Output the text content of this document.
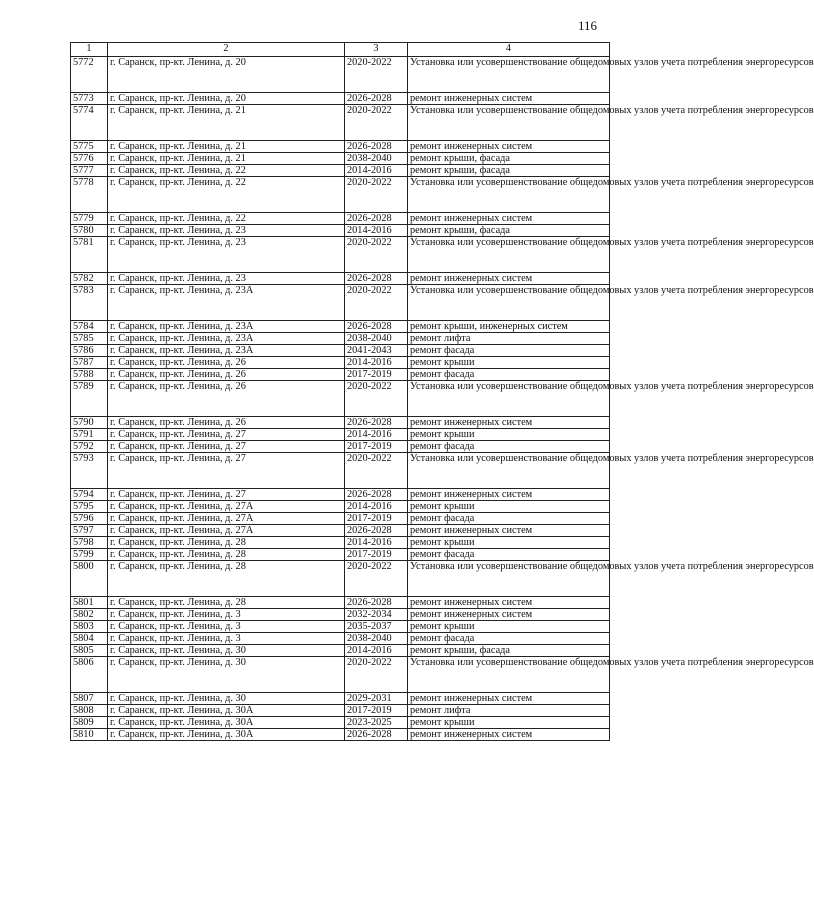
116
1	2	3	4
5772	г. Саранск, пр-кт. Ленина, д. 20	2020-2022	Установка или усовершенствование общедомовых узлов учета потребления энергоресурсов
5773	г. Саранск, пр-кт. Ленина, д. 20	2026-2028	ремонт инженерных систем
5774	г. Саранск, пр-кт. Ленина, д. 21	2020-2022	Установка или усовершенствование общедомовых узлов учета потребления энергоресурсов
5775	г. Саранск, пр-кт. Ленина, д. 21	2026-2028	ремонт инженерных систем
5776	г. Саранск, пр-кт. Ленина, д. 21	2038-2040	ремонт крыши, фасада
5777	г. Саранск, пр-кт. Ленина, д. 22	2014-2016	ремонт крыши, фасада
5778	г. Саранск, пр-кт. Ленина, д. 22	2020-2022	Установка или усовершенствование общедомовых узлов учета потребления энергоресурсов
5779	г. Саранск, пр-кт. Ленина, д. 22	2026-2028	ремонт инженерных систем
5780	г. Саранск, пр-кт. Ленина, д. 23	2014-2016	ремонт крыши, фасада
5781	г. Саранск, пр-кт. Ленина, д. 23	2020-2022	Установка или усовершенствование общедомовых узлов учета потребления энергоресурсов
5782	г. Саранск, пр-кт. Ленина, д. 23	2026-2028	ремонт инженерных систем
5783	г. Саранск, пр-кт. Ленина, д. 23А	2020-2022	Установка или усовершенствование общедомовых узлов учета потребления энергоресурсов
5784	г. Саранск, пр-кт. Ленина, д. 23А	2026-2028	ремонт крыши, инженерных систем
5785	г. Саранск, пр-кт. Ленина, д. 23А	2038-2040	ремонт лифта
5786	г. Саранск, пр-кт. Ленина, д. 23А	2041-2043	ремонт фасада
5787	г. Саранск, пр-кт. Ленина, д. 26	2014-2016	ремонт крыши
5788	г. Саранск, пр-кт. Ленина, д. 26	2017-2019	ремонт фасада
5789	г. Саранск, пр-кт. Ленина, д. 26	2020-2022	Установка или усовершенствование общедомовых узлов учета потребления энергоресурсов
5790	г. Саранск, пр-кт. Ленина, д. 26	2026-2028	ремонт инженерных систем
5791	г. Саранск, пр-кт. Ленина, д. 27	2014-2016	ремонт крыши
5792	г. Саранск, пр-кт. Ленина, д. 27	2017-2019	ремонт фасада
5793	г. Саранск, пр-кт. Ленина, д. 27	2020-2022	Установка или усовершенствование общедомовых узлов учета потребления энергоресурсов
5794	г. Саранск, пр-кт. Ленина, д. 27	2026-2028	ремонт инженерных систем
5795	г. Саранск, пр-кт. Ленина, д. 27А	2014-2016	ремонт крыши
5796	г. Саранск, пр-кт. Ленина, д. 27А	2017-2019	ремонт фасада
5797	г. Саранск, пр-кт. Ленина, д. 27А	2026-2028	ремонт инженерных систем
5798	г. Саранск, пр-кт. Ленина, д. 28	2014-2016	ремонт крыши
5799	г. Саранск, пр-кт. Ленина, д. 28	2017-2019	ремонт фасада
5800	г. Саранск, пр-кт. Ленина, д. 28	2020-2022	Установка или усовершенствование общедомовых узлов учета потребления энергоресурсов
5801	г. Саранск, пр-кт. Ленина, д. 28	2026-2028	ремонт инженерных систем
5802	г. Саранск, пр-кт. Ленина, д. 3	2032-2034	ремонт инженерных систем
5803	г. Саранск, пр-кт. Ленина, д. 3	2035-2037	ремонт крыши
5804	г. Саранск, пр-кт. Ленина, д. 3	2038-2040	ремонт фасада
5805	г. Саранск, пр-кт. Ленина, д. 30	2014-2016	ремонт крыши, фасада
5806	г. Саранск, пр-кт. Ленина, д. 30	2020-2022	Установка или усовершенствование общедомовых узлов учета потребления энергоресурсов
5807	г. Саранск, пр-кт. Ленина, д. 30	2029-2031	ремонт инженерных систем
5808	г. Саранск, пр-кт. Ленина, д. 30А	2017-2019	ремонт лифта
5809	г. Саранск, пр-кт. Ленина, д. 30А	2023-2025	ремонт крыши
5810	г. Саранск, пр-кт. Ленина, д. 30А	2026-2028	ремонт инженерных систем
